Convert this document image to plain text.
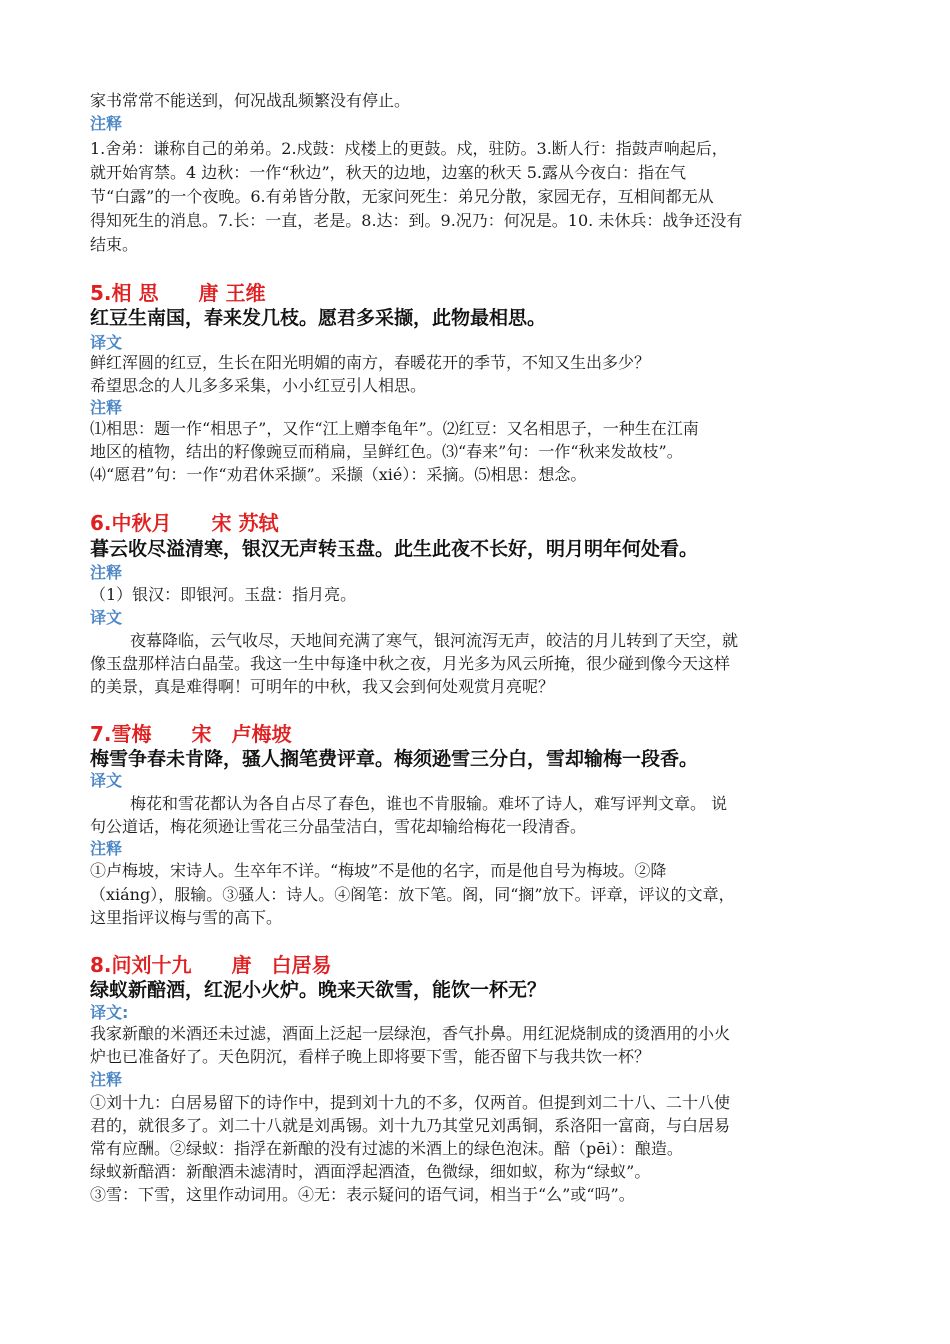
家书常常不能送到，何况战乱频繁没有停止。
注释
1.舍弟：谦称自己的弟弟。2.戍鼓：戍楼上的更鼓。戍，驻防。3.断人行：指鼓声响起后，
就开始宵禁。4 边秋：一作“秋边”，秋天的边地，边塞的秋天 5.露从今夜白：指在气
节“白露”的一个夜晚。6.有弟皆分散，无家问死生：弟兄分散，家园无存，互相间都无从
得知死生的消息。7.长：一直，老是。8.达：到。9.况乃：何况是。10. 未休兵：战争还没有
结束。
5.相 思 唐 王维
红豆生南国，春来发几枝。愿君多采撷，此物最相思。
译文
鲜红浑圆的红豆，生长在阳光明媚的南方，春暖花开的季节，不知又生出多少？
希望思念的人儿多多采集，小小红豆引人相思。
注释
⑴相思：题一作“相思子”，又作“江上赠李龟年”。⑵红豆：又名相思子，一种生在江南
地区的植物，结出的籽像豌豆而稍扁，呈鲜红色。⑶“春来”句：一作“秋来发故枝”。
⑷“愿君”句：一作“劝君休采撷”。采撷（xié）：采摘。⑸相思：想念。
6.中秋月 宋 苏轼
暮云收尽溢清寒，银汉无声转玉盘。此生此夜不长好，明月明年何处看。
注释
（1）银汉：即银河。玉盘：指月亮。
译文
夜幕降临，云气收尽，天地间充满了寒气，银河流泻无声，皎洁的月儿转到了天空，就
像玉盘那样洁白晶莹。我这一生中每逢中秋之夜，月光多为风云所掩，很少碰到像今天这样
的美景，真是难得啊！可明年的中秋，我又会到何处观赏月亮呢？
7.雪梅 宋　卢梅坡
梅雪争春未肯降，骚人搁笔费评章。梅须逊雪三分白，雪却输梅一段香。
译文
梅花和雪花都认为各自占尽了春色，谁也不肯服输。难坏了诗人，难写评判文章。 说
句公道话，梅花须逊让雪花三分晶莹洁白，雪花却输给梅花一段清香。
注释
①卢梅坡，宋诗人。生卒年不详。“梅坡”不是他的名字，而是他自号为梅坡。②降
（xiáng），服输。③骚人：诗人。④阁笔：放下笔。阁，同“搁”放下。评章，评议的文章，
这里指评议梅与雪的高下。
8.问刘十九 唐　白居易
绿蚁新醅酒，红泥小火炉。晚来天欲雪，能饮一杯无？
译文:
我家新酿的米酒还未过滤，酒面上泛起一层绿泡，香气扑鼻。用红泥烧制成的烫酒用的小火
炉也已准备好了。天色阴沉，看样子晚上即将要下雪，能否留下与我共饮一杯？
注释
①刘十九：白居易留下的诗作中，提到刘十九的不多，仅两首。但提到刘二十八、二十八使
君的，就很多了。刘二十八就是刘禹锡。刘十九乃其堂兄刘禹铜，系洛阳一富商，与白居易
常有应酬。②绿蚁：指浮在新酿的没有过滤的米酒上的绿色泡沫。醅（pēi）：酿造。
绿蚁新醅酒：新酿酒未滤清时，酒面浮起酒渣，色微绿，细如蚁，称为“绿蚁”。
③雪：下雪，这里作动词用。④无：表示疑问的语气词，相当于“么”或“吗”。
